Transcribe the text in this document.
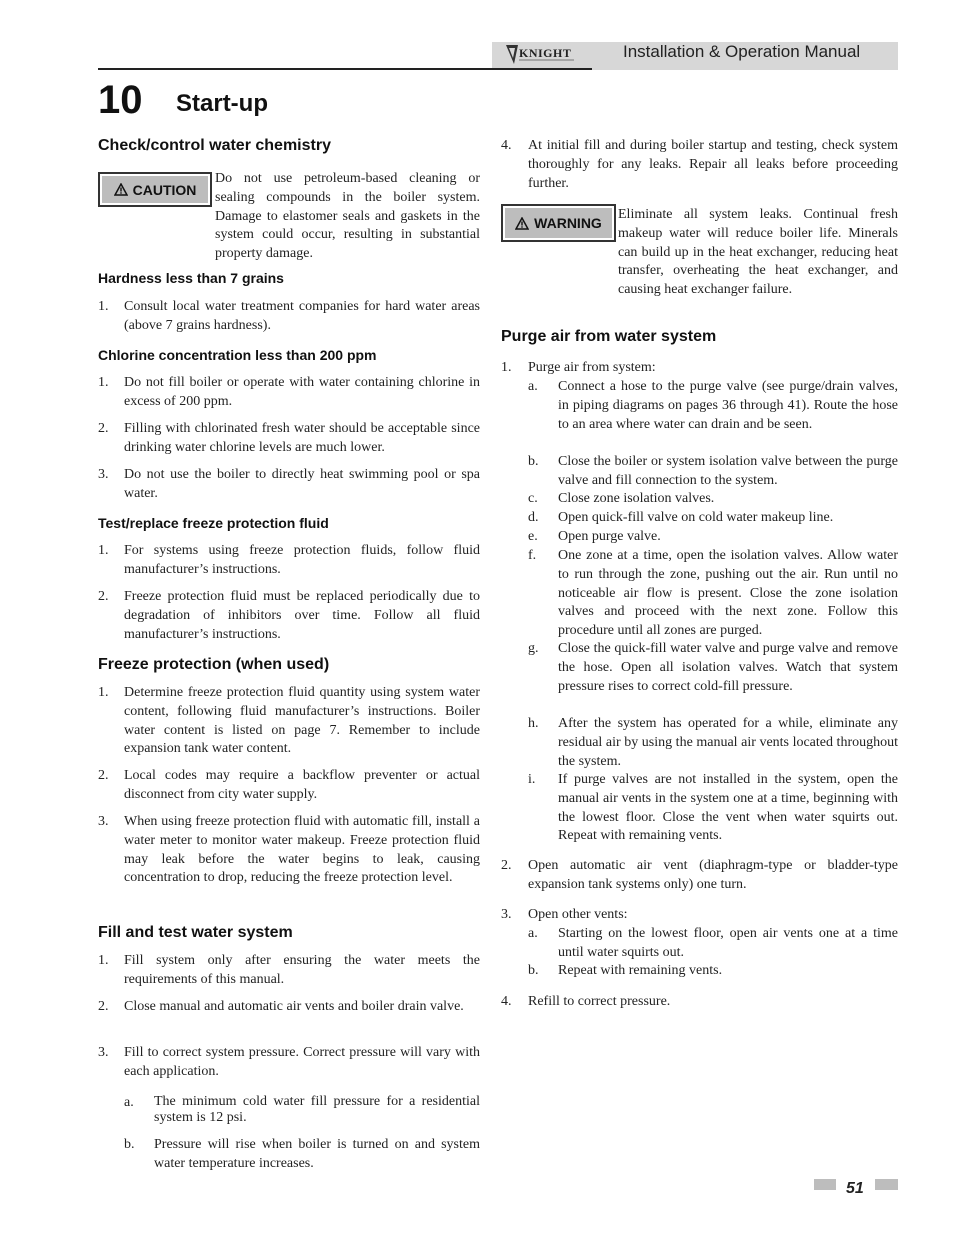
KNIGHT	Installation & Operation Manual
10 Start-up
Check/control water chemistry
CAUTION
Do not use petroleum-based cleaning or sealing compounds in the boiler system. Damage to elastomer seals and gaskets in the system could occur, resulting in substantial property damage.
Hardness less than 7 grains
1. Consult local water treatment companies for hard water areas (above 7 grains hardness).
Chlorine concentration less than 200 ppm
1. Do not fill boiler or operate with water containing chlorine in excess of 200 ppm.
2. Filling with chlorinated fresh water should be acceptable since drinking water chlorine levels are much lower.
3. Do not use the boiler to directly heat swimming pool or spa water.
Test/replace freeze protection fluid
1. For systems using freeze protection fluids, follow fluid manufacturer’s instructions.
2. Freeze protection fluid must be replaced periodically due to degradation of inhibitors over time. Follow all fluid manufacturer’s instructions.
Freeze protection (when used)
1. Determine freeze protection fluid quantity using system water content, following fluid manufacturer’s instructions. Boiler water content is listed on page 7. Remember to include expansion tank water content.
2. Local codes may require a backflow preventer or actual disconnect from city water supply.
3. When using freeze protection fluid with automatic fill, install a water meter to monitor water makeup. Freeze protection fluid may leak before the water begins to leak, causing concentration to drop, reducing the freeze protection level.
Fill and test water system
1. Fill system only after ensuring the water meets the requirements of this manual.
2. Close manual and automatic air vents and boiler drain valve.
3. Fill to correct system pressure. Correct pressure will vary with each application.
a. The minimum cold water fill pressure for a residential system is 12 psi.
b. Pressure will rise when boiler is turned on and system water temperature increases.
4. At initial fill and during boiler startup and testing, check system thoroughly for any leaks. Repair all leaks before proceeding further.
WARNING
Eliminate all system leaks. Continual fresh makeup water will reduce boiler life. Minerals can build up in the heat exchanger, reducing heat transfer, overheating the heat exchanger, and causing heat exchanger failure.
Purge air from water system
1. Purge air from system:
a. Connect a hose to the purge valve (see purge/drain valves, in piping diagrams on pages 36 through 41). Route the hose to an area where water can drain and be seen.
b. Close the boiler or system isolation valve between the purge valve and fill connection to the system.
c. Close zone isolation valves.
d. Open quick-fill valve on cold water makeup line.
e. Open purge valve.
f. One zone at a time, open the isolation valves. Allow water to run through the zone, pushing out the air. Run until no noticeable air flow is present. Close the zone isolation valves and proceed with the next zone. Follow this procedure until all zones are purged.
g. Close the quick-fill water valve and purge valve and remove the hose. Open all isolation valves. Watch that system pressure rises to correct cold-fill pressure.
h. After the system has operated for a while, eliminate any residual air by using the manual air vents located throughout the system.
i. If purge valves are not installed in the system, open the manual air vents in the system one at a time, beginning with the lowest floor. Close the vent when water squirts out. Repeat with remaining vents.
2. Open automatic air vent (diaphragm-type or bladder-type expansion tank systems only) one turn.
3. Open other vents:
a. Starting on the lowest floor, open air vents one at a time until water squirts out.
b. Repeat with remaining vents.
4. Refill to correct pressure.
51
